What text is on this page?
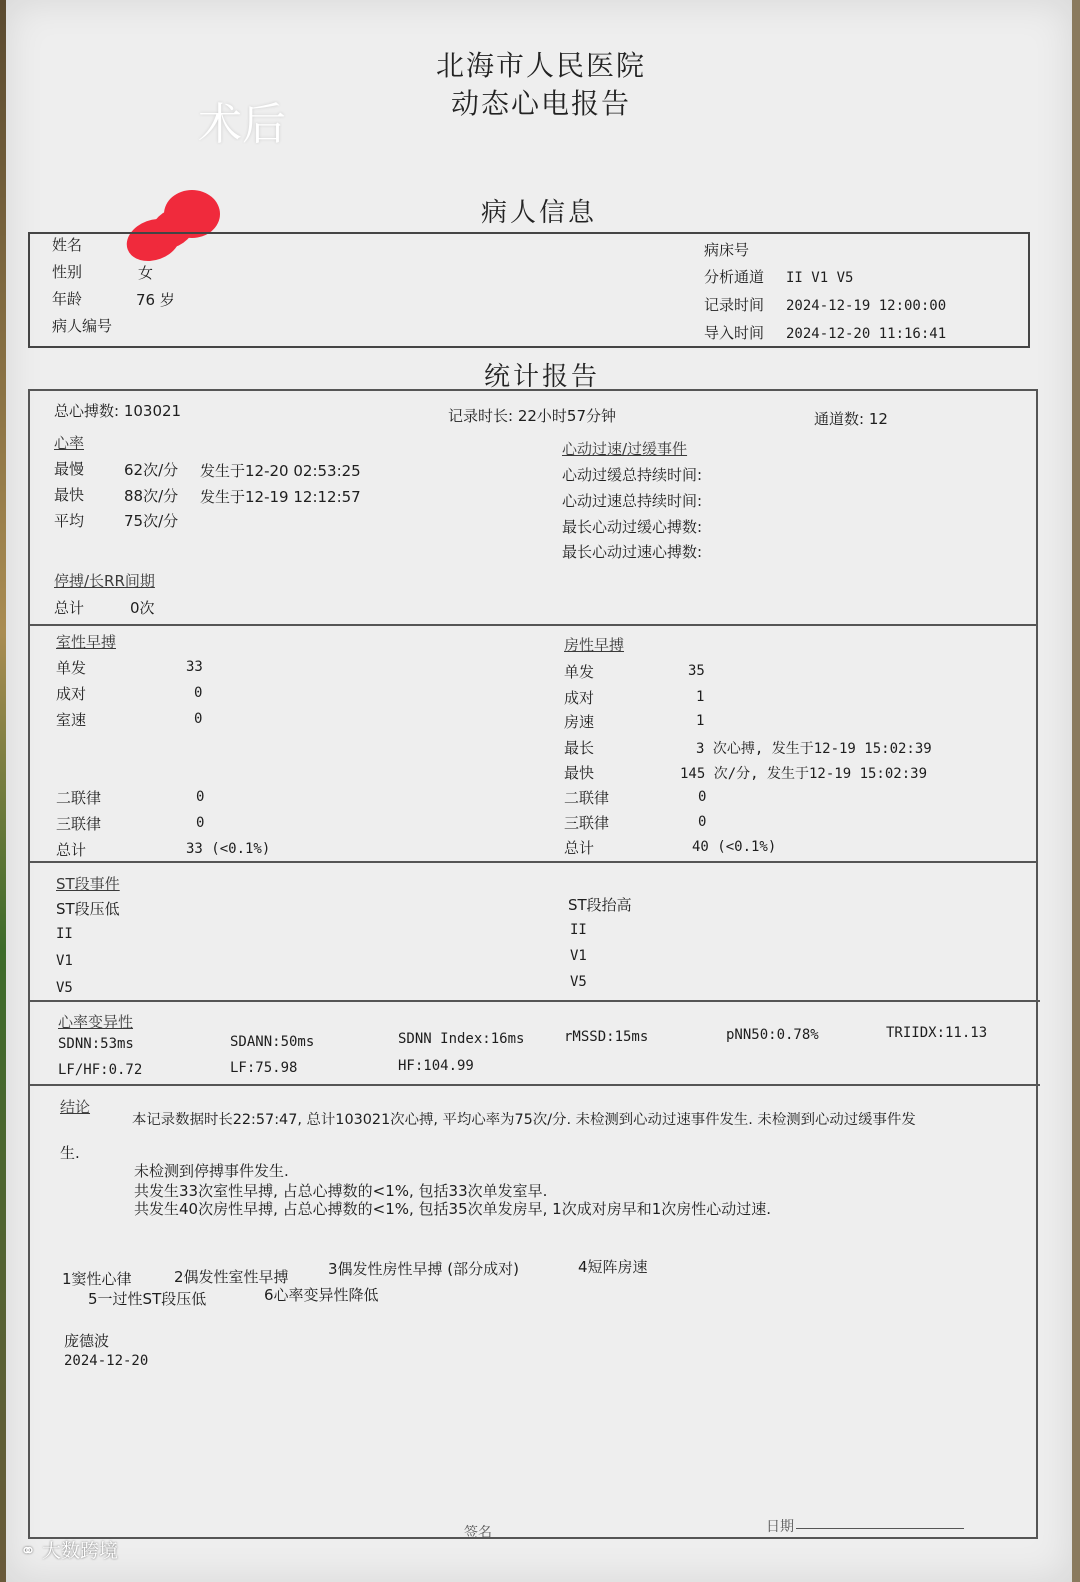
北海市人民医院
动态心电报告
术后
病人信息
姓名
性别	女
年龄	76 岁
病人编号
病床号
分析通道 II V1 V5
记录时间 2024-12-19 12:00:00
导入时间 2024-12-20 11:16:41
统计报告
总心搏数: 103021	记录时长: 22小时57分钟	通道数: 12
心率
最慢	62次/分 发生于12-20 02:53:25
最快	88次/分 发生于12-19 12:12:57
平均	75次/分
心动过速/过缓事件
心动过缓总持续时间:
心动过速总持续时间:
最长心动过缓心搏数:
最长心动过速心搏数:
停搏/长RR间期
总计	0次
室性早搏
单发	33
成对	0
室速	0
二联律	0
三联律	0
总计	33 (<0.1%)
房性早搏
单发	35
成对	1
房速	1
最长	3 次心搏, 发生于12-19 15:02:39
最快	145 次/分, 发生于12-19 15:02:39
二联律	0
三联律	0
总计	40 (<0.1%)
ST段事件
ST段压低
II
V1
V5
ST段抬高
II
V1
V5
心率变异性
SDNN:53ms	SDANN:50ms	SDNN Index:16ms	rMSSD:15ms	pNN50:0.78%	TRIIDX:11.13
LF/HF:0.72	LF:75.98	HF:104.99
结论
本记录数据时长22:57:47, 总计103021次心搏, 平均心率为75次/分. 未检测到心动过速事件发生. 未检测到心动过缓事件发
生.
未检测到停搏事件发生.
共发生33次室性早搏, 占总心搏数的<1%, 包括33次单发室早.
共发生40次房性早搏, 占总心搏数的<1%, 包括35次单发房早, 1次成对房早和1次房性心动过速.
1窦性心律	2偶发性室性早搏	3偶发性房性早搏 (部分成对)	4短阵房速
5一过性ST段压低	6心率变异性降低
庞德波
2024-12-20
签名	日期
⚭ 大数跨境
